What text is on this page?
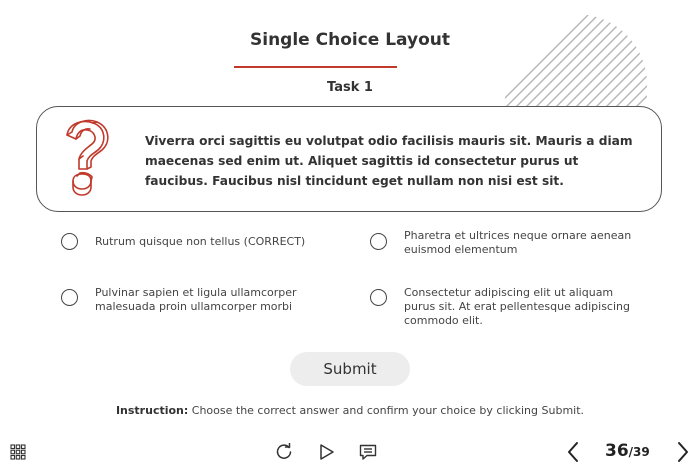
Single Choice Layout
Task 1
Viverra orci sagittis eu volutpat odio facilisis mauris sit. Mauris a diam maecenas sed enim ut. Aliquet sagittis id consectetur purus ut faucibus. Faucibus nisl tincidunt eget nullam non nisi est sit.
Rutrum quisque non tellus (CORRECT)	Pharetra et ultrices neque ornare aenean euismod elementum
Pulvinar sapien et ligula ullamcorper malesuada proin ullamcorper morbi
Consectetur adipiscing elit ut aliquam purus sit. At erat pellentesque adipiscing commodo elit.
Submit
Instruction: Choose the correct answer and confirm your choice by clicking Submit.
36/39
